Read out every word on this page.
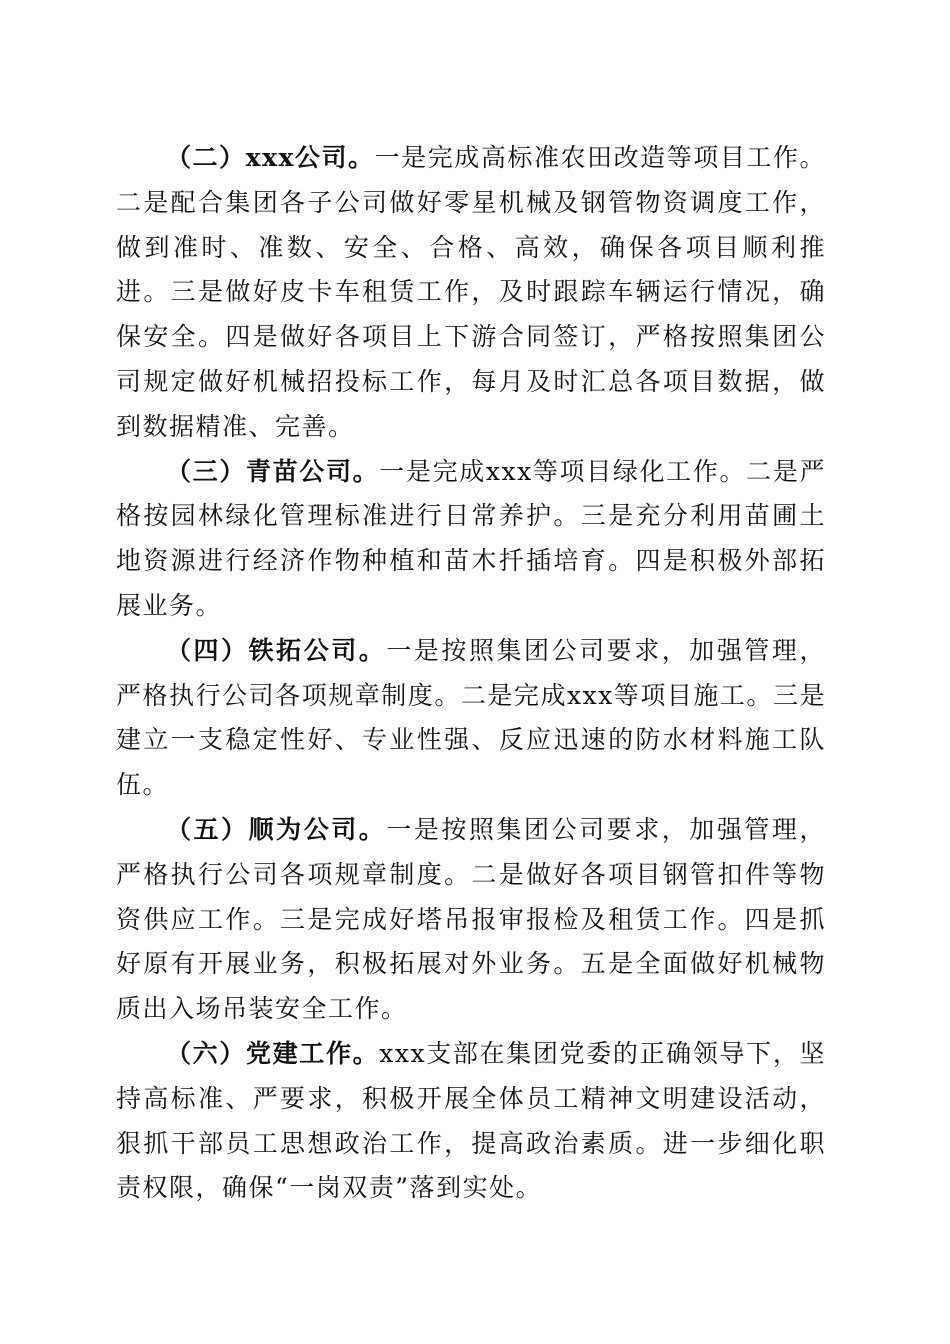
（二）xxx公司。一是完成高标准农田改造等项目工作。二是配合集团各子公司做好零星机械及钢管物资调度工作，做到准时、准数、安全、合格、高效，确保各项目顺利推进。三是做好皮卡车租赁工作，及时跟踪车辆运行情况，确保安全。四是做好各项目上下游合同签订，严格按照集团公司规定做好机械招投标工作，每月及时汇总各项目数据，做到数据精准、完善。

（三）青苗公司。一是完成xxx等项目绿化工作。二是严格按园林绿化管理标准进行日常养护。三是充分利用苗圃土地资源进行经济作物种植和苗木扦插培育。四是积极外部拓展业务。

（四）铁拓公司。一是按照集团公司要求，加强管理，严格执行公司各项规章制度。二是完成xxx等项目施工。三是建立一支稳定性好、专业性强、反应迅速的防水材料施工队伍。

（五）顺为公司。一是按照集团公司要求，加强管理，严格执行公司各项规章制度。二是做好各项目钢管扣件等物资供应工作。三是完成好塔吊报审报检及租赁工作。四是抓好原有开展业务，积极拓展对外业务。五是全面做好机械物质出入场吊装安全工作。

（六）党建工作。xxx支部在集团党委的正确领导下，坚持高标准、严要求，积极开展全体员工精神文明建设活动，狠抓干部员工思想政治工作，提高政治素质。进一步细化职责权限，确保“一岗双责”落到实处。
